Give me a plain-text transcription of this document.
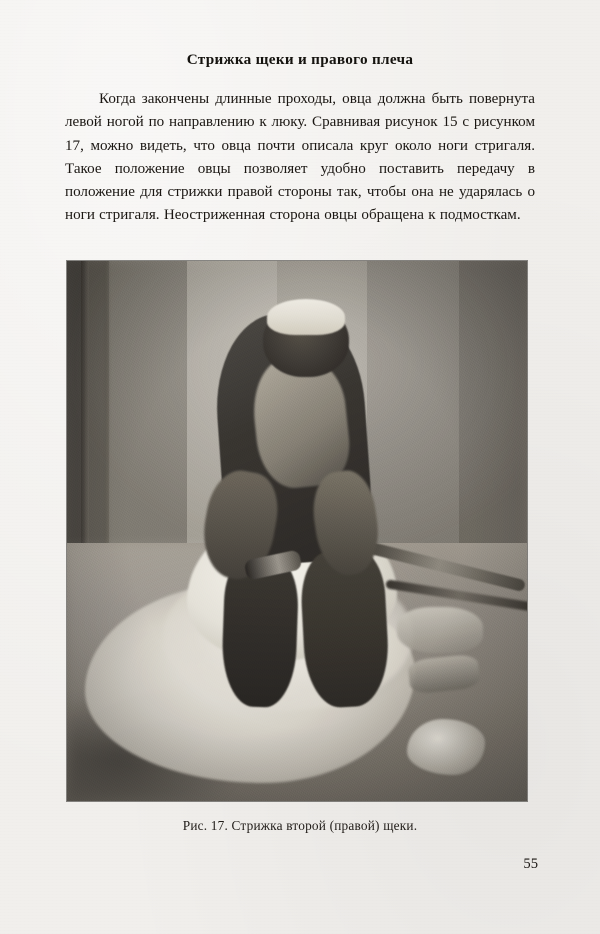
Стрижка щеки и правого плеча
Когда закончены длинные проходы, овца должна быть повернута левой ногой по направлению к люку. Сравнивая рисунок 15 с рисунком 17, можно видеть, что овца почти описала круг около ноги стригаля. Такое положение овцы позволяет удобно поставить передачу в положение для стрижки правой стороны так, чтобы она не ударялась о ноги стригаля. Неостриженная сторона овцы обращена к подмосткам.
Рис. 17. Стрижка второй (правой) щеки.
55
